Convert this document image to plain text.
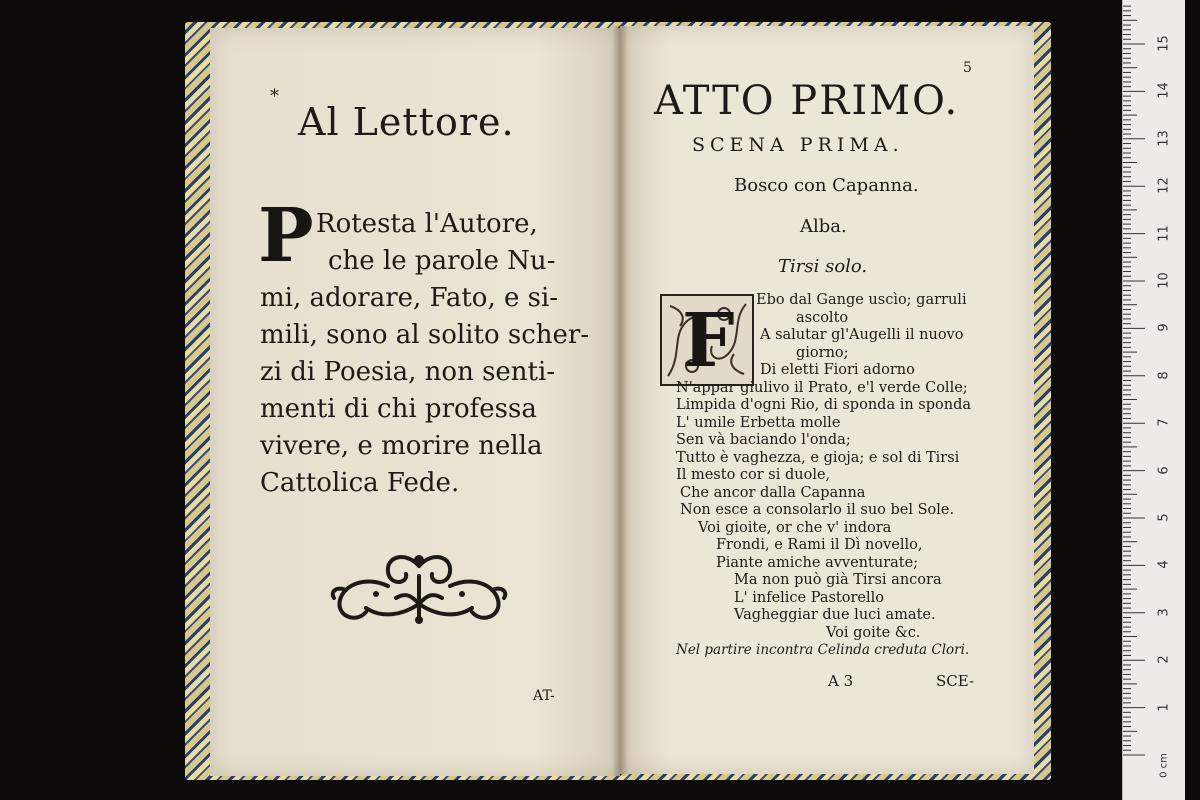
15
14
13
12
11
10
9
8
7
6
5
4
3
2
1
0 cm
*
Al Lettore.
P Rotesta l'Autore,
che le parole Nu-
mi, adorare, Fato, e si-
mili, sono al solito scher-
zi di Poesia, non senti-
menti di chi professa
vivere, e morire nella
Cattolica Fede.
AT-
5
ATTO PRIMO.
SCENA PRIMA.
Bosco con Capanna.
Alba.
Tirsi solo.
F Ebo dal Gange uscìo; garruli
ascolto
A salutar gl'Augelli il nuovo
giorno;
Di eletti Fiori adorno
N'appar giulivo il Prato, e'l verde Colle;
Limpida d'ogni Rio, di sponda in sponda
L' umile Erbetta molle
Sen và baciando l'onda;
Tutto è vaghezza, e gioja; e sol di Tirsi
Il mesto cor si duole,
Che ancor dalla Capanna
Non esce a consolarlo il suo bel Sole.
Voi gioite, or che v' indora
Frondi, e Rami il Dì novello,
Piante amiche avventurate;
Ma non può già Tirsi ancora
L' infelice Pastorello
Vagheggiar due luci amate.
Voi goite &c.
Nel partire incontra Celinda creduta Clori.
A 3	SCE-
